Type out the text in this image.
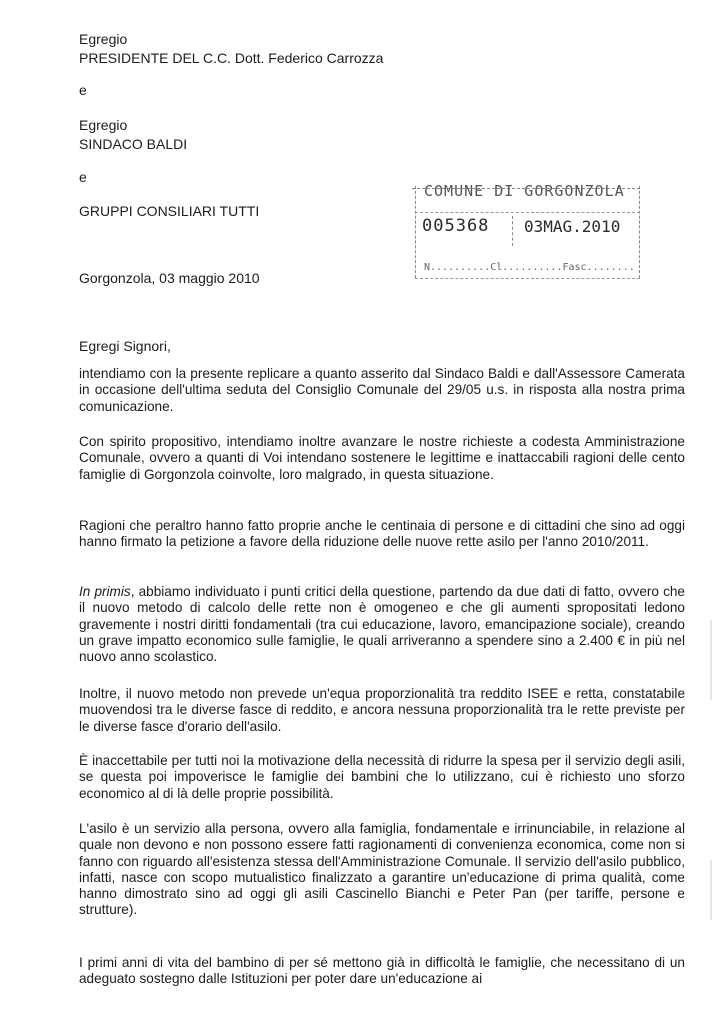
Egregio
PRESIDENTE DEL C.C. Dott. Federico Carrozza
e
Egregio
SINDACO BALDI
e
GRUPPI CONSILIARI TUTTI
COMUNE DI GORGONZOLA
005368 03MAG.2010
N..........Cl..........Fasc........
Gorgonzola, 03 maggio 2010
Egregi Signori,

intendiamo con la presente replicare a quanto asserito dal Sindaco Baldi e dall'Assessore Camerata in occasione dell'ultima seduta del Consiglio Comunale del 29/05 u.s. in risposta alla nostra prima comunicazione.

Con spirito propositivo, intendiamo inoltre avanzare le nostre richieste a codesta Amministrazione Comunale, ovvero a quanti di Voi intendano sostenere le legittime e inattaccabili ragioni delle cento famiglie di Gorgonzola coinvolte, loro malgrado, in questa situazione.

Ragioni che peraltro hanno fatto proprie anche le centinaia di persone e di cittadini che sino ad oggi hanno firmato la petizione a favore della riduzione delle nuove rette asilo per l'anno 2010/2011.

In primis, abbiamo individuato i punti critici della questione, partendo da due dati di fatto, ovvero che il nuovo metodo di calcolo delle rette non è omogeneo e che gli aumenti spropositati ledono gravemente i nostri diritti fondamentali (tra cui educazione, lavoro, emancipazione sociale), creando un grave impatto economico sulle famiglie, le quali arriveranno a spendere sino a 2.400 € in più nel nuovo anno scolastico.

Inoltre, il nuovo metodo non prevede un'equa proporzionalità tra reddito ISEE e retta, constatabile muovendosi tra le diverse fasce di reddito, e ancora nessuna proporzionalità tra le rette previste per le diverse fasce d'orario dell'asilo.

È inaccettabile per tutti noi la motivazione della necessità di ridurre la spesa per il servizio degli asili, se questa poi impoverisce le famiglie dei bambini che lo utilizzano, cui è richiesto uno sforzo economico al di là delle proprie possibilità.

L'asilo è un servizio alla persona, ovvero alla famiglia, fondamentale e irrinunciabile, in relazione al quale non devono e non possono essere fatti ragionamenti di convenienza economica, come non si fanno con riguardo all'esistenza stessa dell'Amministrazione Comunale. Il servizio dell'asilo pubblico, infatti, nasce con scopo mutualistico finalizzato a garantire un'educazione di prima qualità, come hanno dimostrato sino ad oggi gli asili Cascinello Bianchi e Peter Pan (per tariffe, persone e strutture).

I primi anni di vita del bambino di per sé mettono già in difficoltà le famiglie, che necessitano di un adeguato sostegno dalle Istituzioni per poter dare un'educazione ai
